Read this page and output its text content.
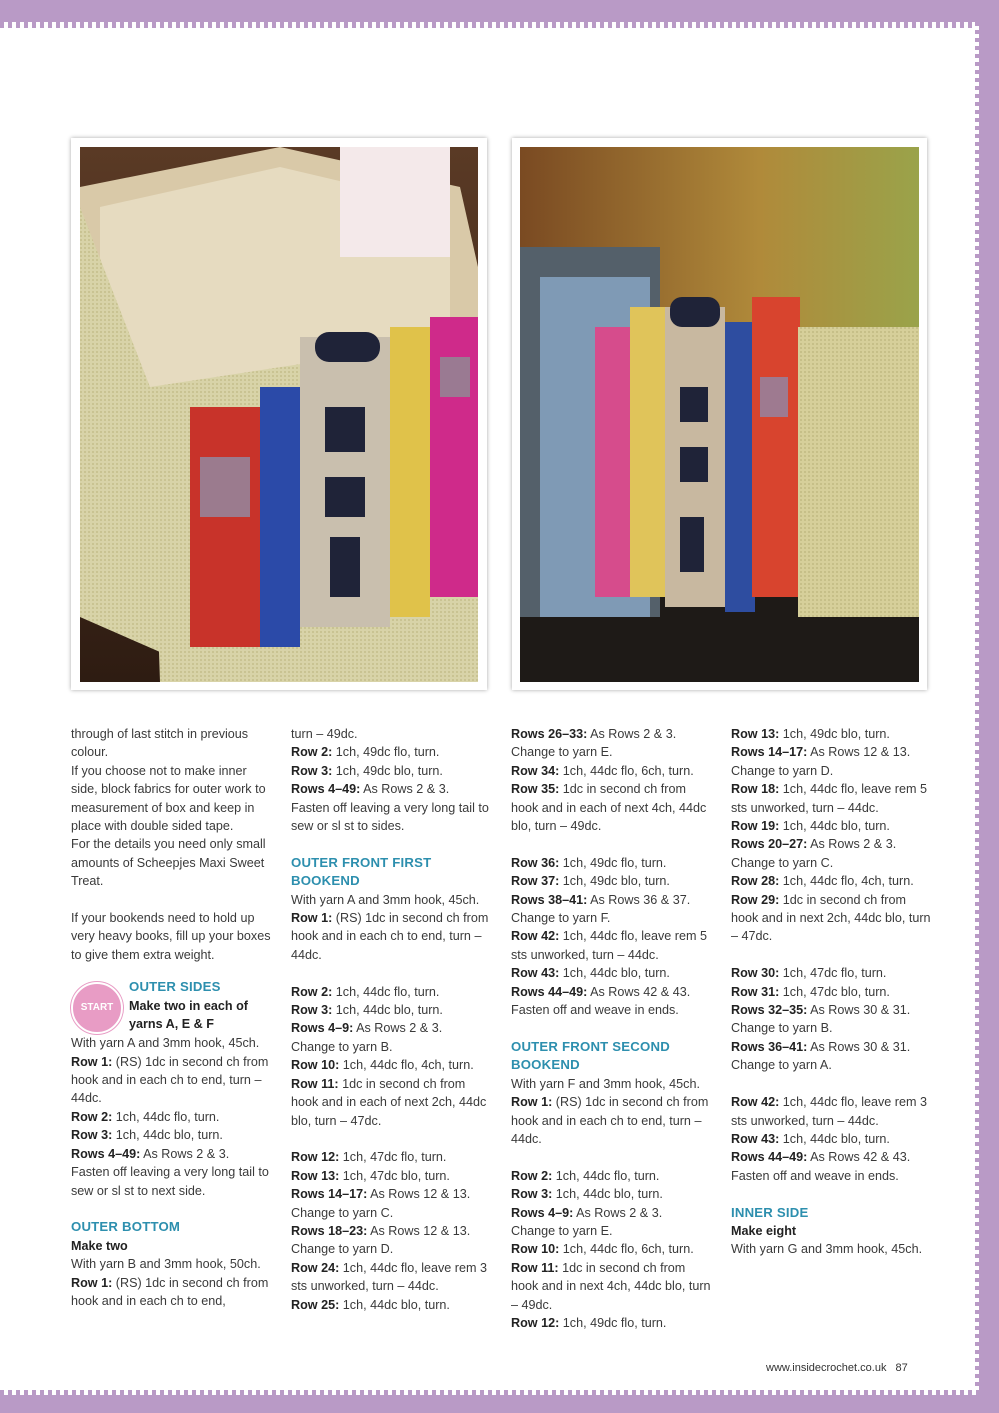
through of last stitch in previous colour.

If you choose not to make inner side, block fabrics for outer work to measurement of box and keep in place with double sided tape.

For the details you need only small amounts of Scheepjes Maxi Sweet Treat.

If your bookends need to hold up very heavy books, fill up your boxes to give them extra weight.

START

OUTER SIDES

Make two in each of yarns A, E & F

With yarn A and 3mm hook, 45ch.

Row 1: (RS) 1dc in second ch from hook and in each ch to end, turn – 44dc.

Row 2: 1ch, 44dc flo, turn.

Row 3: 1ch, 44dc blo, turn.

Rows 4–49: As Rows 2 & 3.

Fasten off leaving a very long tail to sew or sl st to next side.

OUTER BOTTOM

Make two

With yarn B and 3mm hook, 50ch.

Row 1: (RS) 1dc in second ch from hook and in each ch to end,

turn – 49dc.

Row 2: 1ch, 49dc flo, turn.

Row 3: 1ch, 49dc blo, turn.

Rows 4–49: As Rows 2 & 3.

Fasten off leaving a very long tail to sew or sl st to sides.

OUTER FRONT FIRST BOOKEND

With yarn A and 3mm hook, 45ch.

Row 1: (RS) 1dc in second ch from hook and in each ch to end, turn – 44dc.

Row 2: 1ch, 44dc flo, turn.

Row 3: 1ch, 44dc blo, turn.

Rows 4–9: As Rows 2 & 3.

Change to yarn B.

Row 10: 1ch, 44dc flo, 4ch, turn.

Row 11: 1dc in second ch from hook and in each of next 2ch, 44dc blo, turn – 47dc.

Row 12: 1ch, 47dc flo, turn.

Row 13: 1ch, 47dc blo, turn.

Rows 14–17: As Rows 12 & 13.

Change to yarn C.

Rows 18–23: As Rows 12 & 13.

Change to yarn D.

Row 24: 1ch, 44dc flo, leave rem 3 sts unworked, turn – 44dc.

Row 25: 1ch, 44dc blo, turn.

Rows 26–33: As Rows 2 & 3.

Change to yarn E.

Row 34: 1ch, 44dc flo, 6ch, turn.

Row 35: 1dc in second ch from hook and in each of next 4ch, 44dc blo, turn – 49dc.

Row 36: 1ch, 49dc flo, turn.

Row 37: 1ch, 49dc blo, turn.

Rows 38–41: As Rows 36 & 37.

Change to yarn F.

Row 42: 1ch, 44dc flo, leave rem 5 sts unworked, turn – 44dc.

Row 43: 1ch, 44dc blo, turn.

Rows 44–49: As Rows 42 & 43.

Fasten off and weave in ends.

OUTER FRONT SECOND BOOKEND

With yarn F and 3mm hook, 45ch.

Row 1: (RS) 1dc in second ch from hook and in each ch to end, turn – 44dc.

Row 2: 1ch, 44dc flo, turn.

Row 3: 1ch, 44dc blo, turn.

Rows 4–9: As Rows 2 & 3.

Change to yarn E.

Row 10: 1ch, 44dc flo, 6ch, turn.

Row 11: 1dc in second ch from hook and in next 4ch, 44dc blo, turn – 49dc.

Row 12: 1ch, 49dc flo, turn.

Row 13: 1ch, 49dc blo, turn.

Rows 14–17: As Rows 12 & 13.

Change to yarn D.

Row 18: 1ch, 44dc flo, leave rem 5 sts unworked, turn – 44dc.

Row 19: 1ch, 44dc blo, turn.

Rows 20–27: As Rows 2 & 3.

Change to yarn C.

Row 28: 1ch, 44dc flo, 4ch, turn.

Row 29: 1dc in second ch from hook and in next 2ch, 44dc blo, turn – 47dc.

Row 30: 1ch, 47dc flo, turn.

Row 31: 1ch, 47dc blo, turn.

Rows 32–35: As Rows 30 & 31.

Change to yarn B.

Rows 36–41: As Rows 30 & 31.

Change to yarn A.

Row 42: 1ch, 44dc flo, leave rem 3 sts unworked, turn – 44dc.

Row 43: 1ch, 44dc blo, turn.

Rows 44–49: As Rows 42 & 43.

Fasten off and weave in ends.

INNER SIDE

Make eight

With yarn G and 3mm hook, 45ch.

www.insidecrochet.co.uk 87
